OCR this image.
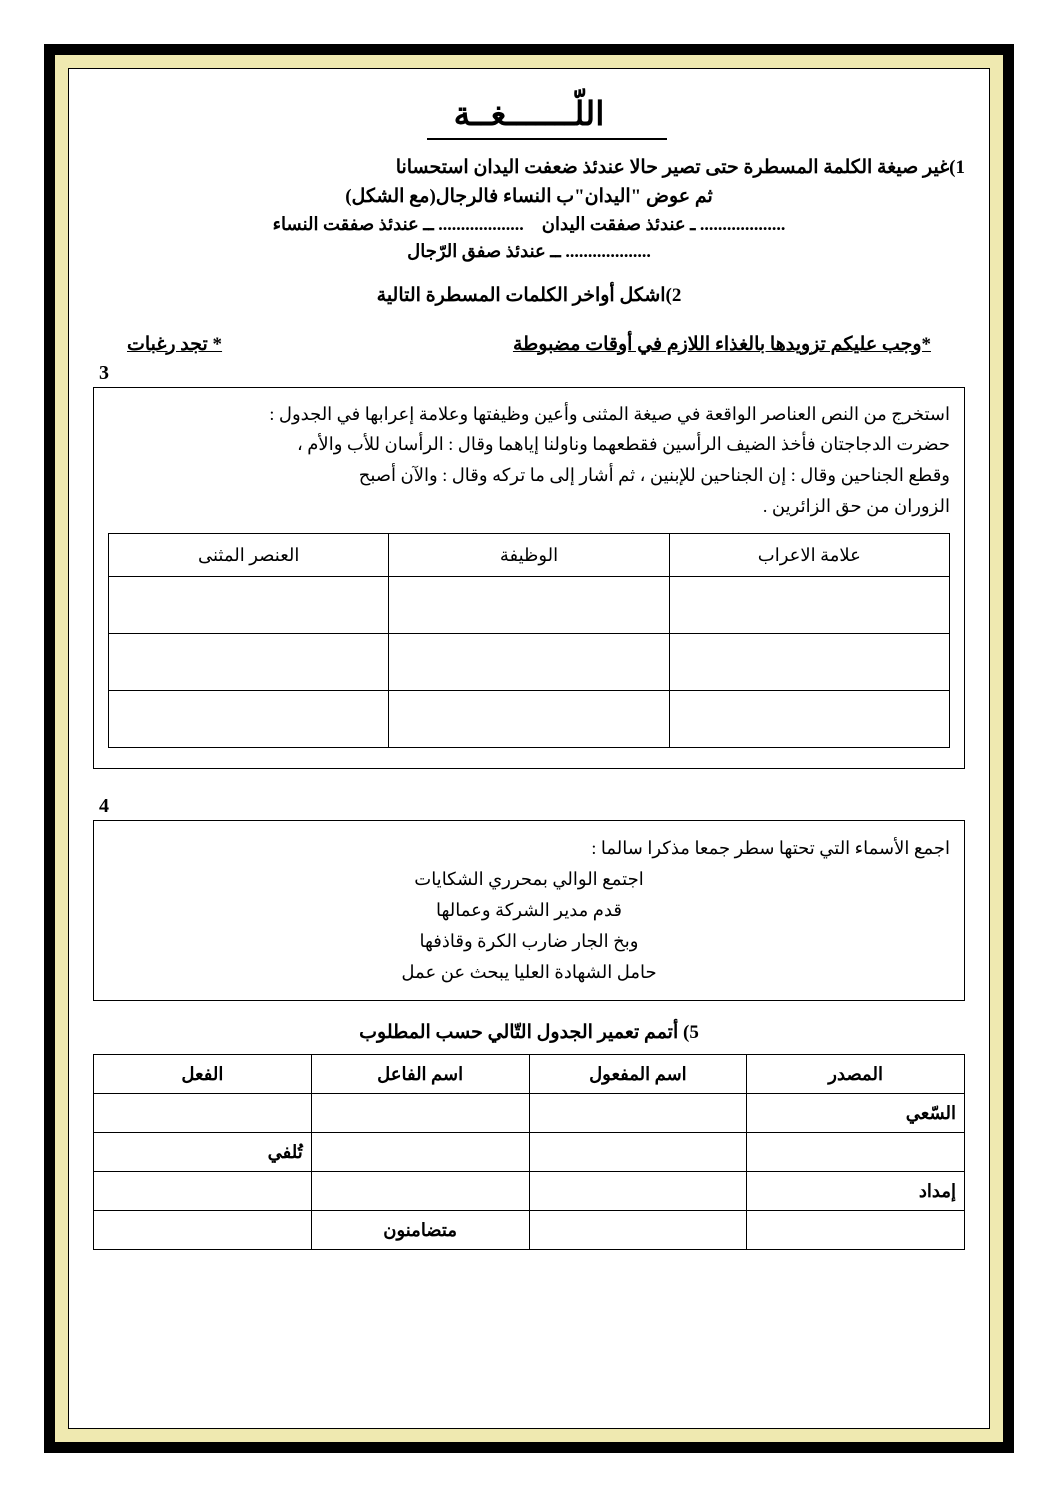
اللّـــــــغــة
1)غير صيغة الكلمة المسطرة حتى تصير حالا عندئذ ضعفت اليدان استحسانا
ثم عوض "اليدان"ب النساء فالرجال(مع الشكل)
................... ـ عندئذ صفقت اليدان    ................... ــ عندئذ صفقت النساء
................... ــ عندئذ صفق الرّجال
2)اشكل أواخر الكلمات المسطرة التالية
*وجب عليكم تزويدها بالغذاء اللازم في أوقات مضبوطة
* تجد رغبات
3

استخرج من النص العناصر الواقعة في صيغة المثنى وأعين وظيفتها وعلامة إعرابها في الجدول :

حضرت الدجاجتان فأخذ الضيف الرأسين فقطعهما وناولنا إياهما وقال : الرأسان للأب والأم ،

وقطع الجناحين وقال : إن الجناحين للإبنين ، ثم أشار إلى ما تركه وقال : والآن أصبح

الزوران من حق الزائرين .

علامة الاعراب	الوظيفة	العنصر المثنى

4

اجمع الأسماء التي تحتها سطر جمعا مذكرا سالما :

اجتمع الوالي بمحرري الشكايات

قدم مدير الشركة وعمالها

وبخ الجار ضارب الكرة وقاذفها

حامل الشهادة العليا يبحث عن عمل

5) أتمم تعمير الجدول التّالي حسب المطلوب
المصدر	اسم المفعول	اسم الفاعل	الفعل
السّعي			
			تُلفي
إمداد			
		متضامنون	
